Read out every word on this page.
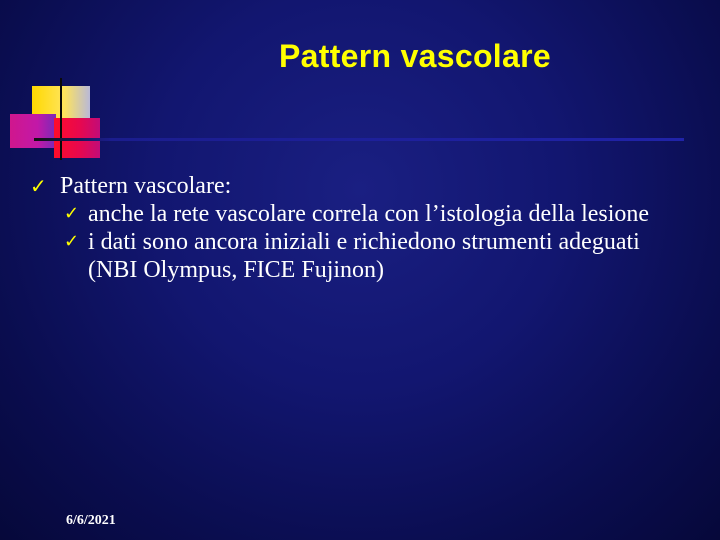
Pattern vascolare
✓ Pattern vascolare:
✓ anche la rete vascolare correla con l’istologia della lesione
✓ i dati sono ancora iniziali e richiedono strumenti adeguati (NBI Olympus, FICE Fujinon)
6/6/2021
